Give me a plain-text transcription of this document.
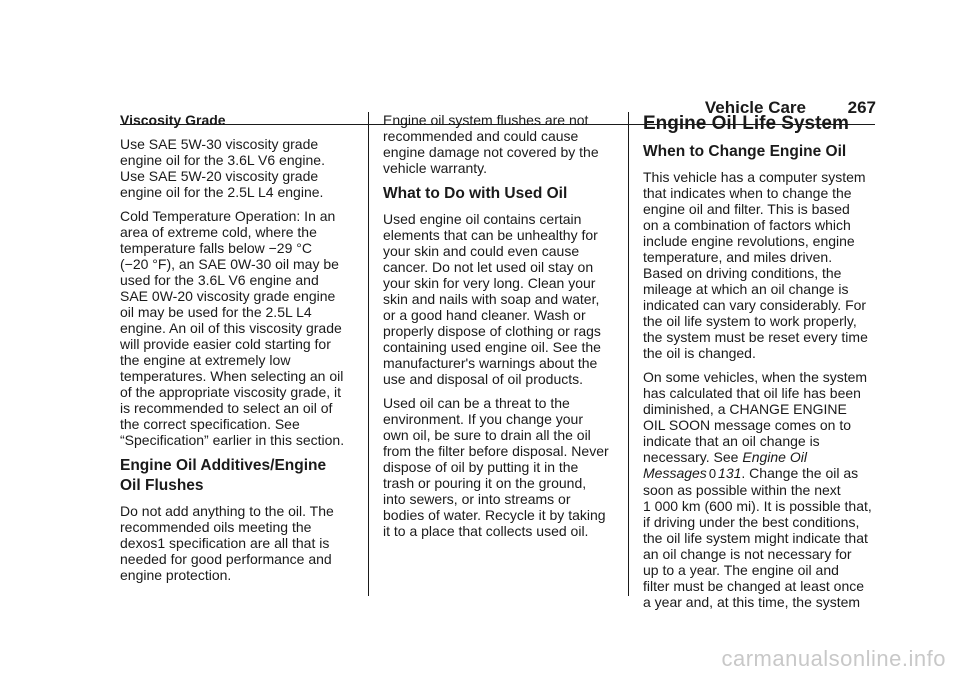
Vehicle Care 267
Viscosity Grade

Use SAE 5W-30 viscosity grade
engine oil for the 3.6L V6 engine.
Use SAE 5W-20 viscosity grade
engine oil for the 2.5L L4 engine.

Cold Temperature Operation: In an
area of extreme cold, where the
temperature falls below −29 °C
(−20 °F), an SAE 0W-30 oil may be
used for the 3.6L V6 engine and
SAE 0W-20 viscosity grade engine
oil may be used for the 2.5L L4
engine. An oil of this viscosity grade
will provide easier cold starting for
the engine at extremely low
temperatures. When selecting an oil
of the appropriate viscosity grade, it
is recommended to select an oil of
the correct specification. See
“Specification” earlier in this section.

Engine Oil Additives/Engine
Oil Flushes

Do not add anything to the oil. The
recommended oils meeting the
dexos1 specification are all that is
needed for good performance and
engine protection.

Engine oil system flushes are not
recommended and could cause
engine damage not covered by the
vehicle warranty.

What to Do with Used Oil

Used engine oil contains certain
elements that can be unhealthy for
your skin and could even cause
cancer. Do not let used oil stay on
your skin for very long. Clean your
skin and nails with soap and water,
or a good hand cleaner. Wash or
properly dispose of clothing or rags
containing used engine oil. See the
manufacturer's warnings about the
use and disposal of oil products.

Used oil can be a threat to the
environment. If you change your
own oil, be sure to drain all the oil
from the filter before disposal. Never
dispose of oil by putting it in the
trash or pouring it on the ground,
into sewers, or into streams or
bodies of water. Recycle it by taking
it to a place that collects used oil.

Engine Oil Life System
When to Change Engine Oil

This vehicle has a computer system
that indicates when to change the
engine oil and filter. This is based
on a combination of factors which
include engine revolutions, engine
temperature, and miles driven.
Based on driving conditions, the
mileage at which an oil change is
indicated can vary considerably. For
the oil life system to work properly,
the system must be reset every time
the oil is changed.

On some vehicles, when the system
has calculated that oil life has been
diminished, a CHANGE ENGINE
OIL SOON message comes on to
indicate that an oil change is
necessary. See Engine Oil
Messages 0 131. Change the oil as
soon as possible within the next
1 000 km (600 mi). It is possible that,
if driving under the best conditions,
the oil life system might indicate that
an oil change is not necessary for
up to a year. The engine oil and
filter must be changed at least once
a year and, at this time, the system

carmanualsonline.info
